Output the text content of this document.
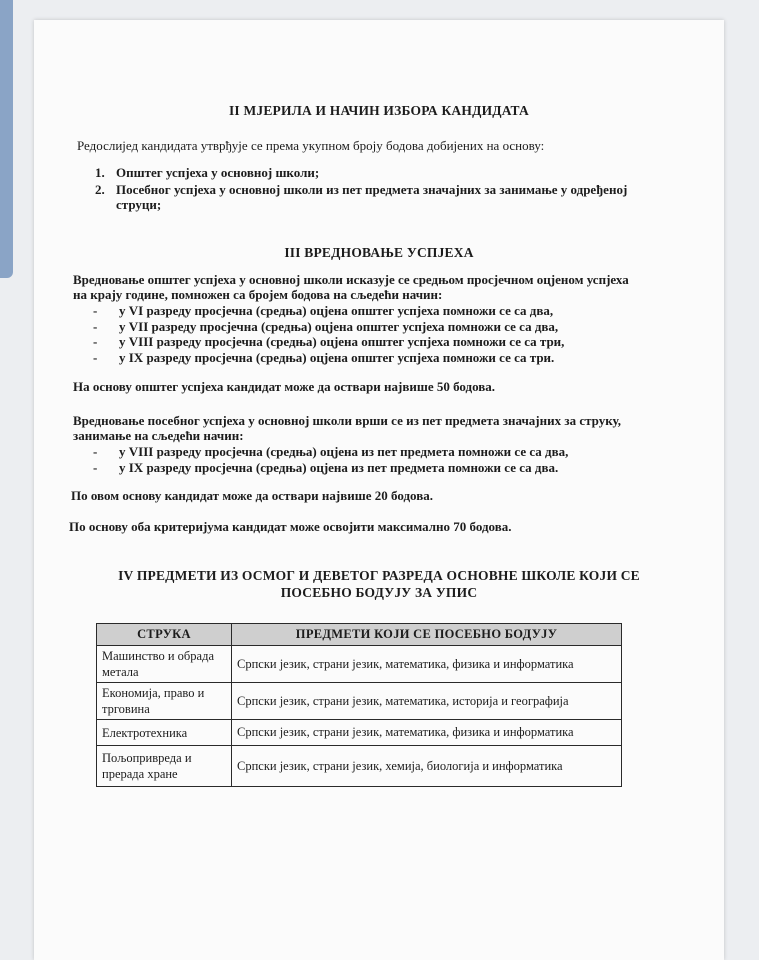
II МЈЕРИЛА И НАЧИН ИЗБОРА КАНДИДАТА
Редослијед кандидата утврђује се према укупном броју бодова добијених на основу:
1. Општег успјеха у основној школи;
2. Посебног успјеха у основној школи из пет предмета значајних за занимање у одређеној
струци;
III ВРЕДНОВАЊЕ УСПЈЕХА
Вредновање општег успјеха у основној школи исказује се средњом просјечном оцјеном успјеха
на крају године, помножен са бројем бодова на сљедећи начин:
- у VI разреду просјечна (средња) оцјена општег успјеха помножи се са два,
- у VII разреду просјечна (средња) оцјена општег успјеха помножи се са два,
- у VIII разреду просјечна (средња) оцјена општег успјеха помножи се са три,
- у IX разреду просјечна (средња) оцјена општег успјеха помножи се са три.
На основу општег успјеха кандидат може да оствари највише 50 бодова.
Вредновање посебног успјеха у основној школи врши се из пет предмета значајних за струку,
занимање на сљедећи начин:
- у VIII разреду просјечна (средња) оцјена из пет предмета помножи се са два,
- у IX разреду просјечна (средња) оцјена из пет предмета помножи се са два.
По овом основу кандидат може да оствари највише 20 бодова.
По основу оба критеријума кандидат може освојити максимално 70 бодова.
IV ПРЕДМЕТИ ИЗ ОСМОГ И ДЕВЕТОГ РАЗРЕДА ОСНОВНЕ ШКОЛЕ КОЈИ СЕ
ПОСЕБНО БОДУЈУ ЗА УПИС
СТРУКА	ПРЕДМЕТИ КОЈИ СЕ ПОСЕБНО БОДУЈУ
Машинство и обрада
метала	Српски језик, страни језик, математика, физика и информатика
Економија, право и
трговина	Српски језик, страни језик, математика, историја и географија
Електротехника	Српски језик, страни језик, математика, физика и информатика
Пољопривреда и
прерада хране	Српски језик, страни језик, хемија, биологија и информатика
